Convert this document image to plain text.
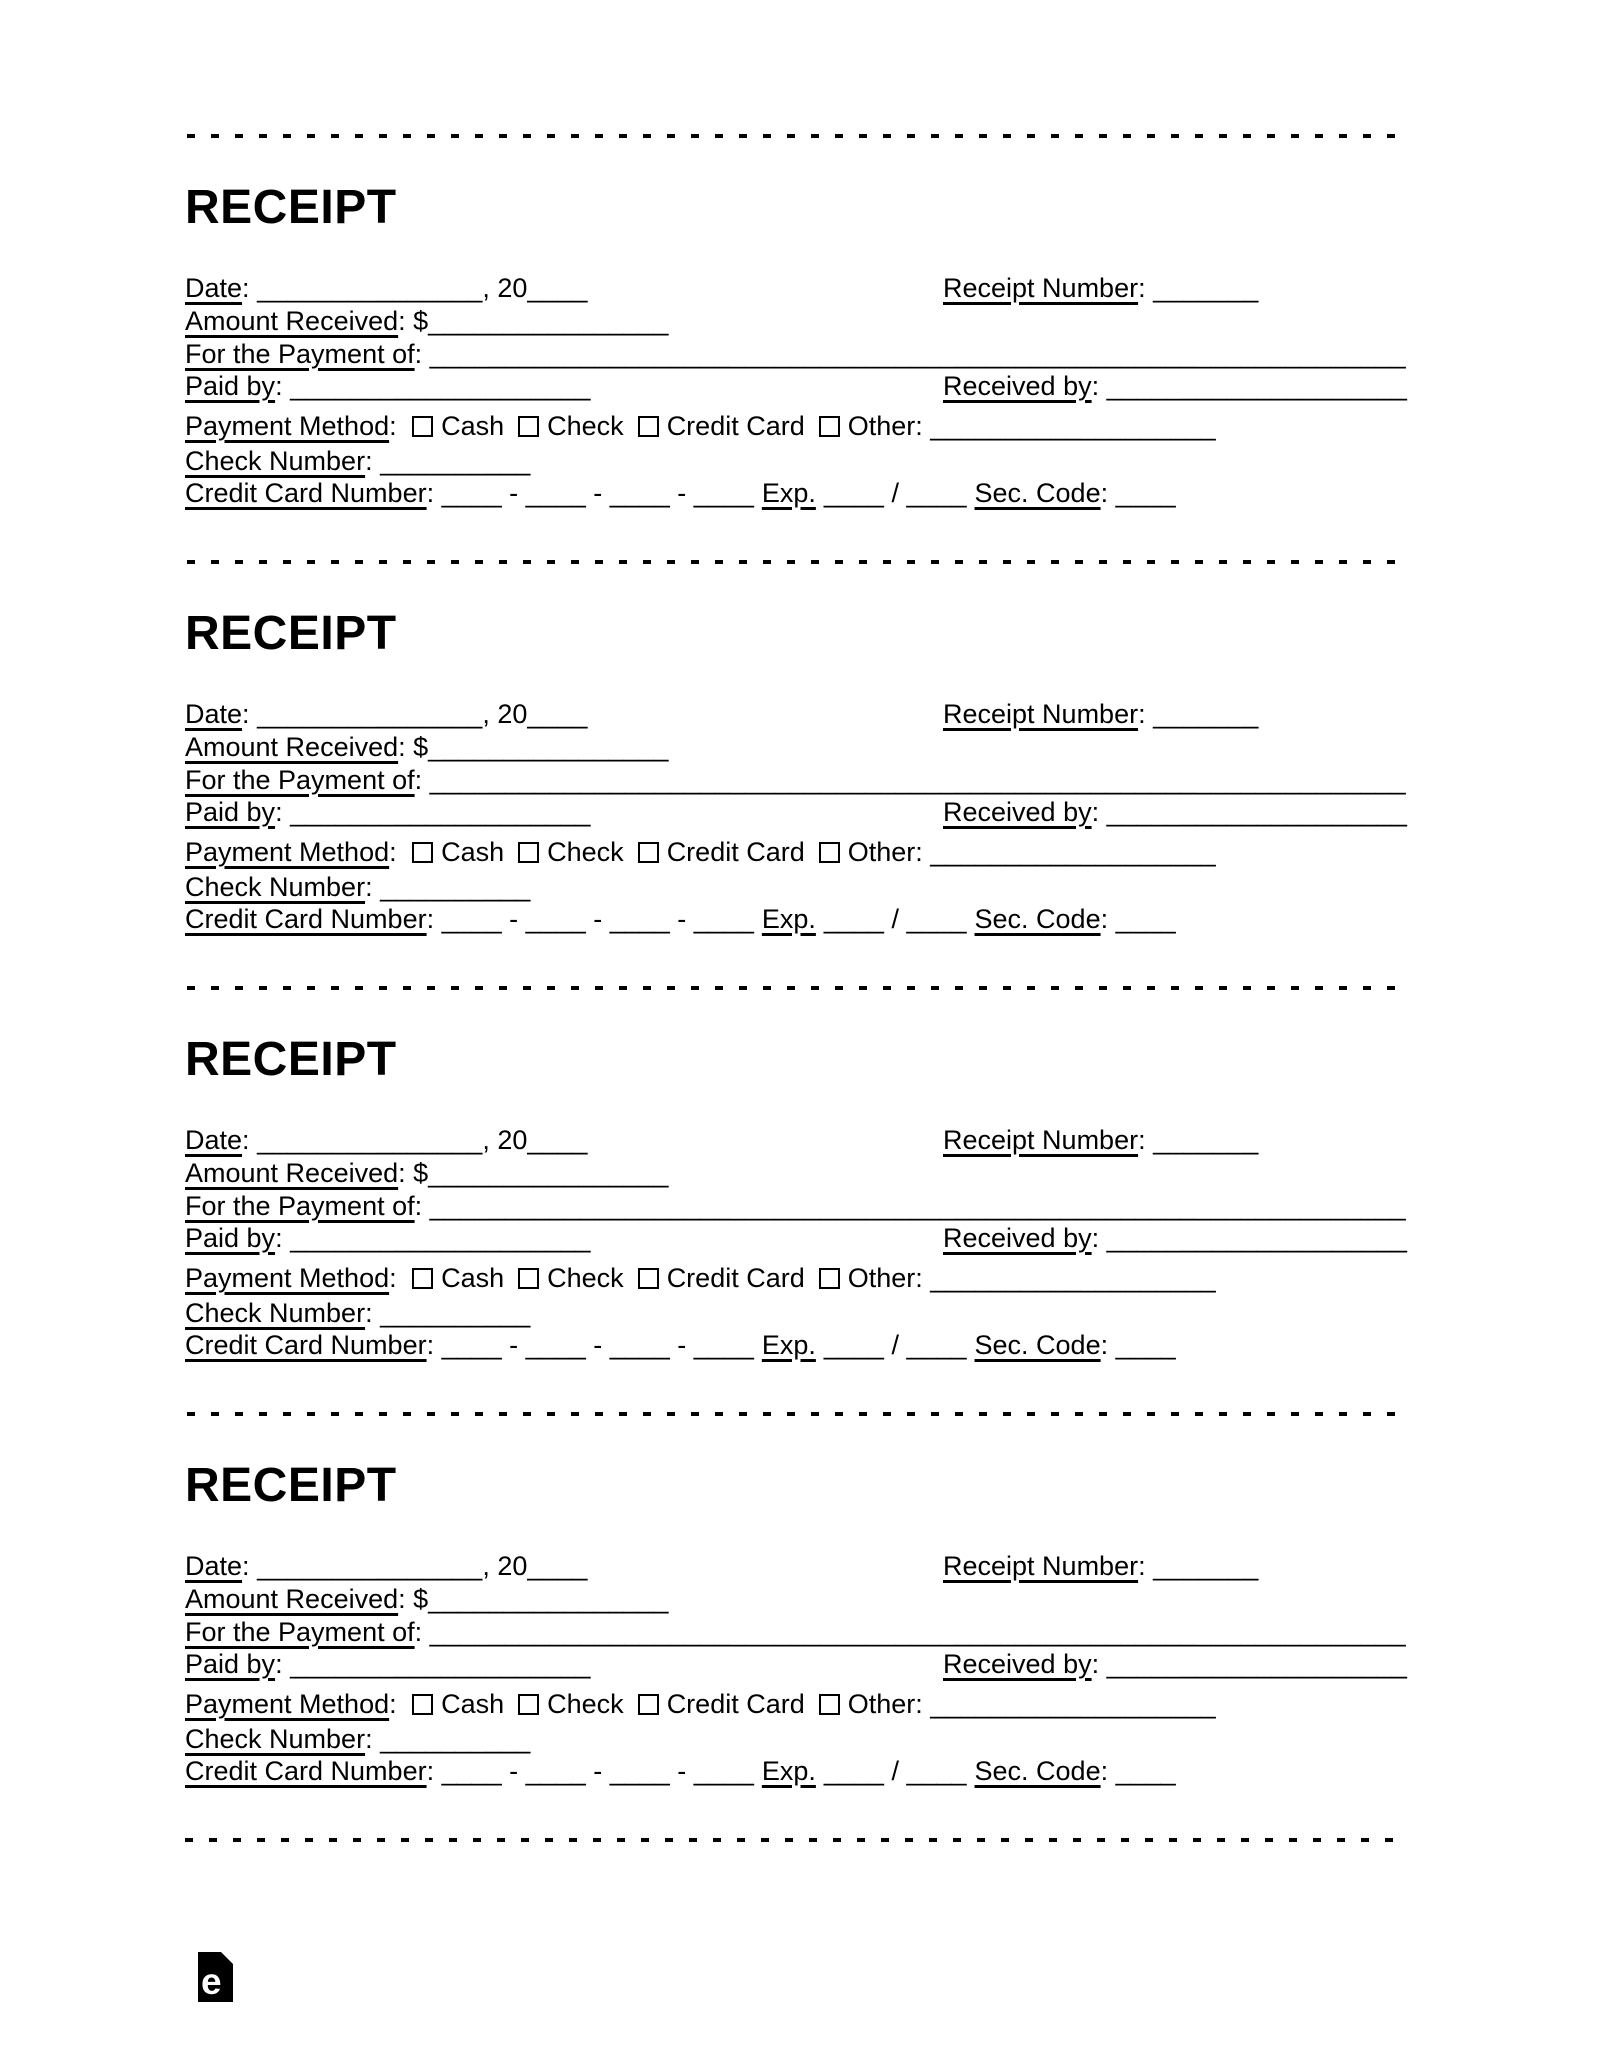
RECEIPT
Date: _______________, 20____	Receipt Number: _______
Amount Received: $________________
For the Payment of: _________________________________________________________________
Paid by: ____________________	Received by: ____________________
Payment Method: Cash Check Credit Card Other: ___________________
Check Number: __________
Credit Card Number: ____ - ____ - ____ - ____ Exp. ____ / ____ Sec. Code: ____
RECEIPT
Date: _______________, 20____	Receipt Number: _______
Amount Received: $________________
For the Payment of: _________________________________________________________________
Paid by: ____________________	Received by: ____________________
Payment Method: Cash Check Credit Card Other: ___________________
Check Number: __________
Credit Card Number: ____ - ____ - ____ - ____ Exp. ____ / ____ Sec. Code: ____
RECEIPT
Date: _______________, 20____	Receipt Number: _______
Amount Received: $________________
For the Payment of: _________________________________________________________________
Paid by: ____________________	Received by: ____________________
Payment Method: Cash Check Credit Card Other: ___________________
Check Number: __________
Credit Card Number: ____ - ____ - ____ - ____ Exp. ____ / ____ Sec. Code: ____
RECEIPT
Date: _______________, 20____	Receipt Number: _______
Amount Received: $________________
For the Payment of: _________________________________________________________________
Paid by: ____________________	Received by: ____________________
Payment Method: Cash Check Credit Card Other: ___________________
Check Number: __________
Credit Card Number: ____ - ____ - ____ - ____ Exp. ____ / ____ Sec. Code: ____
e
